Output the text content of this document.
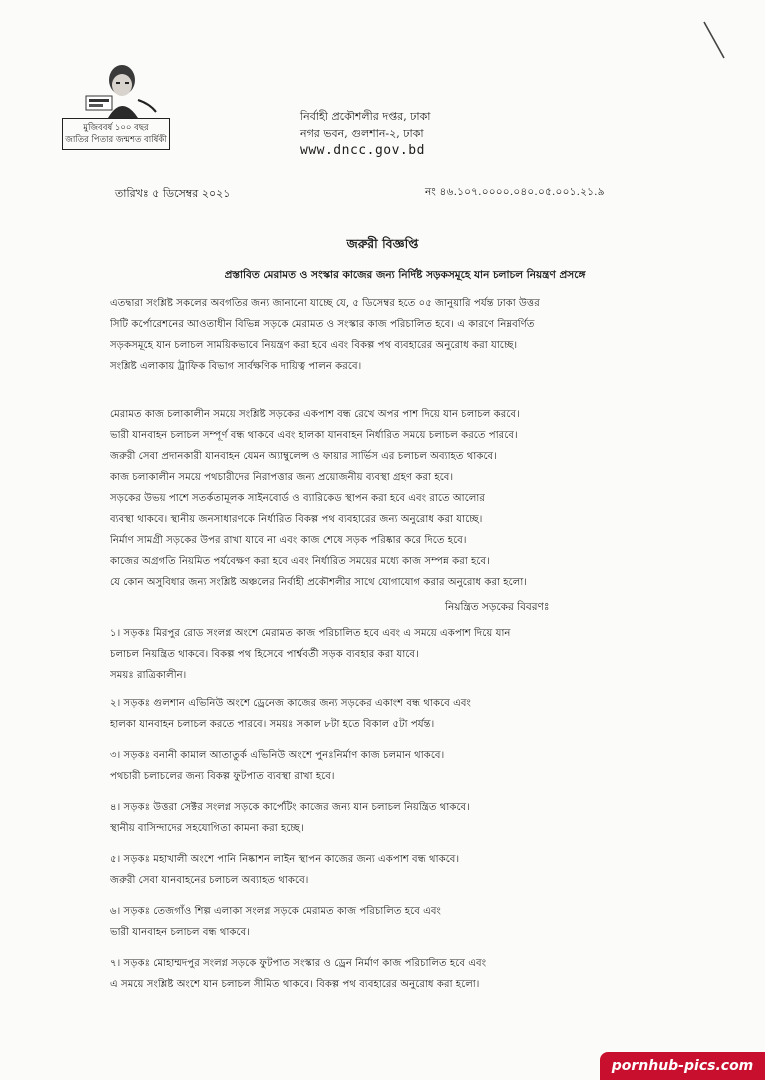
মুজিববর্ষ ১০০ বছর
জাতির পিতার জন্মশত বার্ষিকী
নির্বাহী প্রকৌশলীর দপ্তর, ঢাকা
নগর ভবন, গুলশান-২, ঢাকা
www.dncc.gov.bd
তারিখঃ ৫ ডিসেম্বর ২০২১	নং ৪৬.১০৭.০০০০.০৪০.০৫.০০১.২১.৯
জরুরী বিজ্ঞপ্তি
প্রস্তাবিত মেরামত ও সংস্কার কাজের জন্য নির্দিষ্ট সড়কসমূহে যান চলাচল নিয়ন্ত্রণ প্রসঙ্গে
এতদ্বারা সংশ্লিষ্ট সকলের অবগতির জন্য জানানো যাচ্ছে যে, ৫ ডিসেম্বর হতে ০৫ জানুয়ারি পর্যন্ত ঢাকা উত্তর
সিটি কর্পোরেশনের আওতাধীন বিভিন্ন সড়কে মেরামত ও সংস্কার কাজ পরিচালিত হবে। এ কারণে নিম্নবর্ণিত
সড়কসমূহে যান চলাচল সাময়িকভাবে নিয়ন্ত্রণ করা হবে এবং বিকল্প পথ ব্যবহারের অনুরোধ করা যাচ্ছে।
সংশ্লিষ্ট এলাকায় ট্রাফিক বিভাগ সার্বক্ষণিক দায়িত্ব পালন করবে।
মেরামত কাজ চলাকালীন সময়ে সংশ্লিষ্ট সড়কের একপাশ বন্ধ রেখে অপর পাশ দিয়ে যান চলাচল করবে।
ভারী যানবাহন চলাচল সম্পূর্ণ বন্ধ থাকবে এবং হালকা যানবাহন নির্ধারিত সময়ে চলাচল করতে পারবে।
জরুরী সেবা প্রদানকারী যানবাহন যেমন অ্যাম্বুলেন্স ও ফায়ার সার্ভিস এর চলাচল অব্যাহত থাকবে।
কাজ চলাকালীন সময়ে পথচারীদের নিরাপত্তার জন্য প্রয়োজনীয় ব্যবস্থা গ্রহণ করা হবে।
সড়কের উভয় পাশে সতর্কতামূলক সাইনবোর্ড ও ব্যারিকেড স্থাপন করা হবে এবং রাতে আলোর
ব্যবস্থা থাকবে। স্থানীয় জনসাধারণকে নির্ধারিত বিকল্প পথ ব্যবহারের জন্য অনুরোধ করা যাচ্ছে।
নির্মাণ সামগ্রী সড়কের উপর রাখা যাবে না এবং কাজ শেষে সড়ক পরিষ্কার করে দিতে হবে।
কাজের অগ্রগতি নিয়মিত পর্যবেক্ষণ করা হবে এবং নির্ধারিত সময়ের মধ্যে কাজ সম্পন্ন করা হবে।
যে কোন অসুবিধার জন্য সংশ্লিষ্ট অঞ্চলের নির্বাহী প্রকৌশলীর সাথে যোগাযোগ করার অনুরোধ করা হলো।
নিয়ন্ত্রিত সড়কের বিবরণঃ
১। সড়কঃ মিরপুর রোড সংলগ্ন অংশে মেরামত কাজ পরিচালিত হবে এবং এ সময়ে একপাশ দিয়ে যান
চলাচল নিয়ন্ত্রিত থাকবে। বিকল্প পথ হিসেবে পার্শ্ববর্তী সড়ক ব্যবহার করা যাবে।
সময়ঃ রাত্রিকালীন।
২। সড়কঃ গুলশান এভিনিউ অংশে ড্রেনেজ কাজের জন্য সড়কের একাংশ বন্ধ থাকবে এবং
হালকা যানবাহন চলাচল করতে পারবে। সময়ঃ সকাল ৮টা হতে বিকাল ৫টা পর্যন্ত।
৩। সড়কঃ বনানী কামাল আতাতুর্ক এভিনিউ অংশে পুনঃনির্মাণ কাজ চলমান থাকবে।
পথচারী চলাচলের জন্য বিকল্প ফুটপাত ব্যবস্থা রাখা হবে।
৪। সড়কঃ উত্তরা সেক্টর সংলগ্ন সড়কে কার্পেটিং কাজের জন্য যান চলাচল নিয়ন্ত্রিত থাকবে।
স্থানীয় বাসিন্দাদের সহযোগিতা কামনা করা হচ্ছে।
৫। সড়কঃ মহাখালী অংশে পানি নিষ্কাশন লাইন স্থাপন কাজের জন্য একপাশ বন্ধ থাকবে।
জরুরী সেবা যানবাহনের চলাচল অব্যাহত থাকবে।
৬। সড়কঃ তেজগাঁও শিল্প এলাকা সংলগ্ন সড়কে মেরামত কাজ পরিচালিত হবে এবং
ভারী যানবাহন চলাচল বন্ধ থাকবে।
৭। সড়কঃ মোহাম্মদপুর সংলগ্ন সড়কে ফুটপাত সংস্কার ও ড্রেন নির্মাণ কাজ পরিচালিত হবে এবং
এ সময়ে সংশ্লিষ্ট অংশে যান চলাচল সীমিত থাকবে। বিকল্প পথ ব্যবহারের অনুরোধ করা হলো।
pornhub-pics.com
